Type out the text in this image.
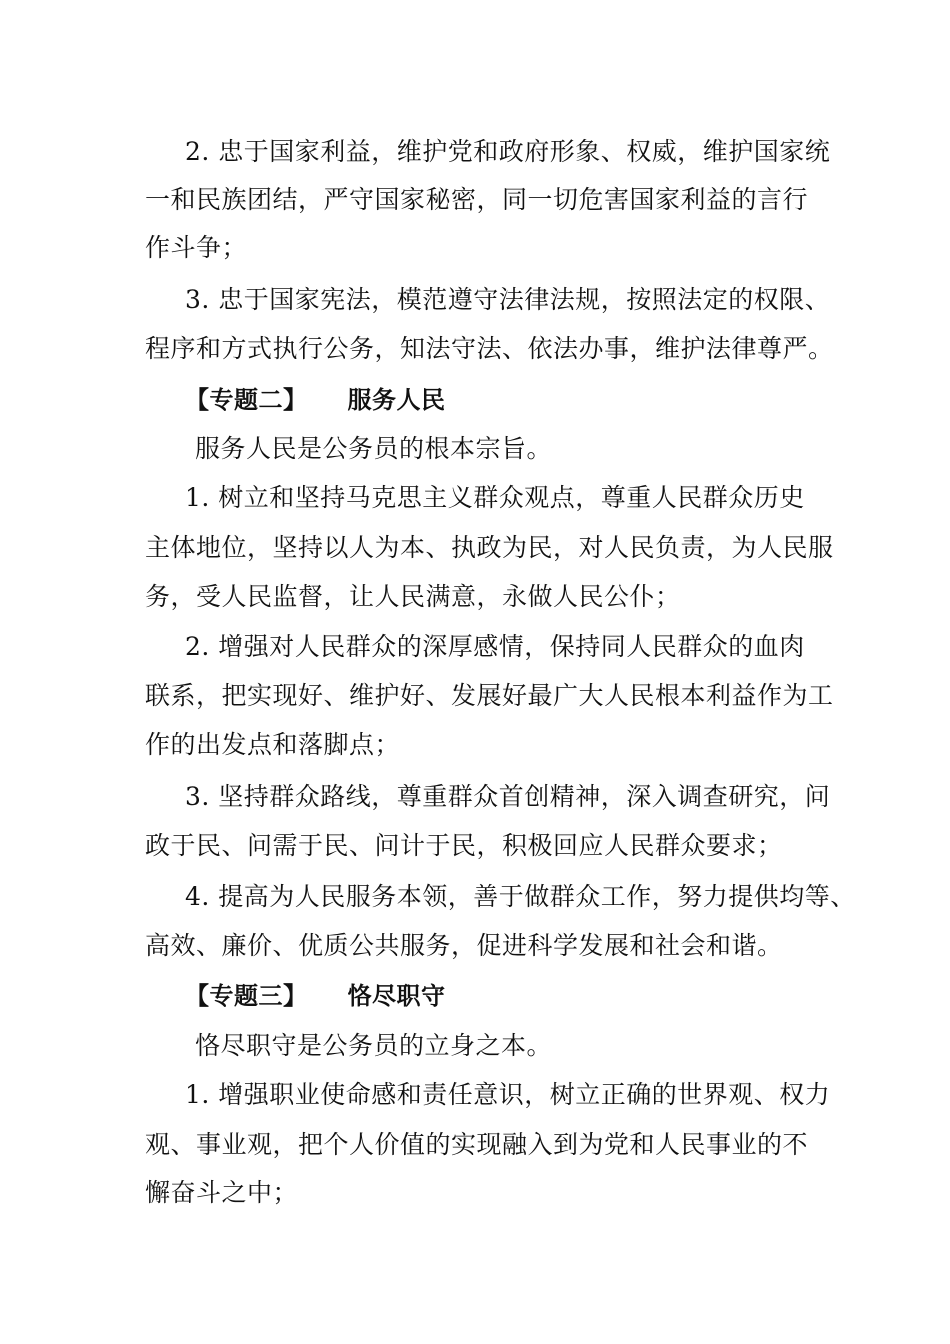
2. 忠于国家利益，维护党和政府形象、权威，维护国家统
一和民族团结，严守国家秘密，同一切危害国家利益的言行
作斗争；
3. 忠于国家宪法，模范遵守法律法规，按照法定的权限、
程序和方式执行公务，知法守法、依法办事，维护法律尊严。
【专题二】 服务人民
服务人民是公务员的根本宗旨。
1. 树立和坚持马克思主义群众观点，尊重人民群众历史
主体地位，坚持以人为本、执政为民，对人民负责，为人民服
务，受人民监督，让人民满意，永做人民公仆；
2. 增强对人民群众的深厚感情，保持同人民群众的血肉
联系，把实现好、维护好、发展好最广大人民根本利益作为工
作的出发点和落脚点；
3. 坚持群众路线，尊重群众首创精神，深入调查研究，问
政于民、问需于民、问计于民，积极回应人民群众要求；
4. 提高为人民服务本领，善于做群众工作，努力提供均等、
高效、廉价、优质公共服务，促进科学发展和社会和谐。
【专题三】 恪尽职守
恪尽职守是公务员的立身之本。
1. 增强职业使命感和责任意识，树立正确的世界观、权力
观、事业观，把个人价值的实现融入到为党和人民事业的不
懈奋斗之中；
